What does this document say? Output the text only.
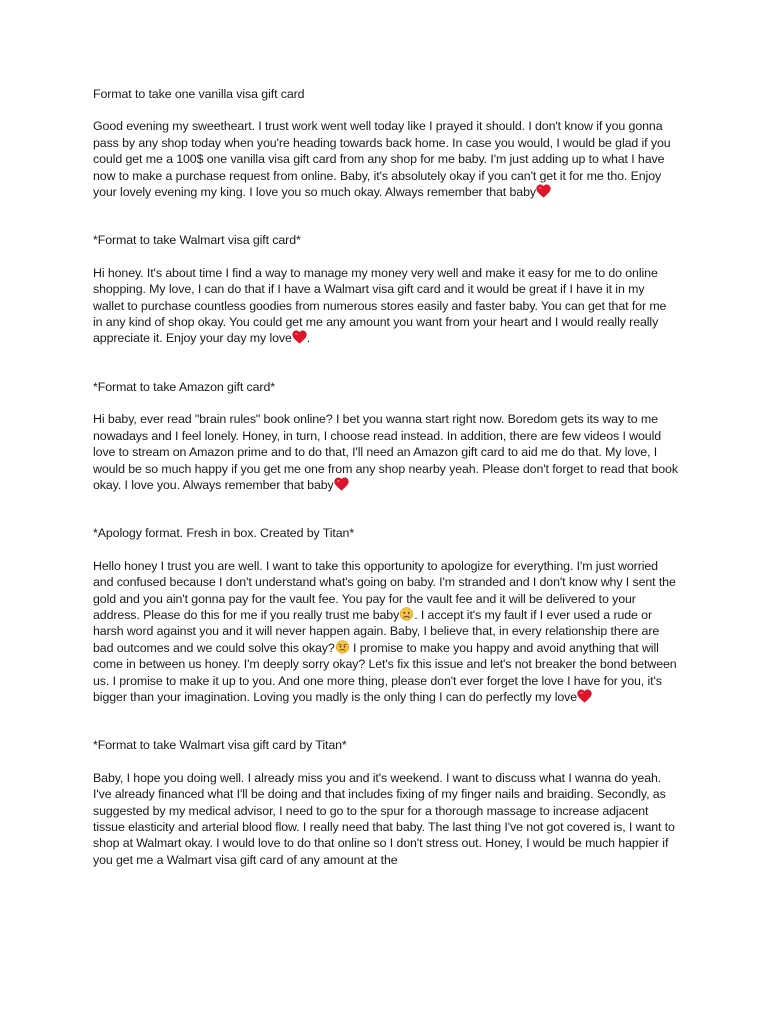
Format to take one vanilla visa gift card
Good evening my sweetheart. I trust work went well today like I prayed it should. I don't know if you gonna pass by any shop today when you're heading towards back home. In case you would, I would be glad if you could get me a 100$ one vanilla visa gift card from any shop for me baby. I'm just adding up to what I have now to make a purchase request from online. Baby, it's absolutely okay if you can't get it for me tho. Enjoy your lovely evening my king. I love you so much okay. Always remember that baby
*Format to take Walmart visa gift card*
Hi honey. It's about time I find a way to manage my money very well and make it easy for me to do online shopping. My love, I can do that if I have a Walmart visa gift card and it would be great if I have it in my wallet to purchase countless goodies from numerous stores easily and faster baby. You can get that for me in any kind of shop okay. You could get me any amount you want from your heart and I would really really appreciate it. Enjoy your day my love .
*Format to take Amazon gift card*
Hi baby, ever read "brain rules" book online? I bet you wanna start right now. Boredom gets its way to me nowadays and I feel lonely. Honey, in turn, I choose read instead. In addition, there are few videos I would love to stream on Amazon prime and to do that, I'll need an Amazon gift card to aid me do that. My love, I would be so much happy if you get me one from any shop nearby yeah. Please don't forget to read that book okay. I love you. Always remember that baby
*Apology format. Fresh in box. Created by Titan*
Hello honey I trust you are well. I want to take this opportunity to apologize for everything. I'm just worried and confused because I don't understand what's going on baby. I'm stranded and I don't know why I sent the gold and you ain't gonna pay for the vault fee. You pay for the vault fee and it will be delivered to your address. Please do this for me if you really trust me baby . I accept it's my fault if I ever used a rude or harsh word against you and it will never happen again. Baby, I believe that, in every relationship there are bad outcomes and we could solve this okay?
I promise to make you happy and avoid anything that will come in between us honey. I'm deeply sorry okay? Let's fix this issue and let's not breaker the bond between us. I promise to make it up to you. And one more thing, please don't ever forget the love I have for you, it's bigger than your imagination. Loving you madly is the only thing I can do perfectly my love
*Format to take Walmart visa gift card by Titan*
Baby, I hope you doing well. I already miss you and it's weekend. I want to discuss what I wanna do yeah. I've already financed what I'll be doing and that includes fixing of my finger nails and braiding. Secondly, as suggested by my medical advisor, I need to go to the spur for a thorough massage to increase adjacent tissue elasticity and arterial blood flow. I really need that baby. The last thing I've not got covered is, I want to shop at Walmart okay. I would love to do that online so I don't stress out. Honey, I would be much happier if you get me a Walmart visa gift card of any amount at the
